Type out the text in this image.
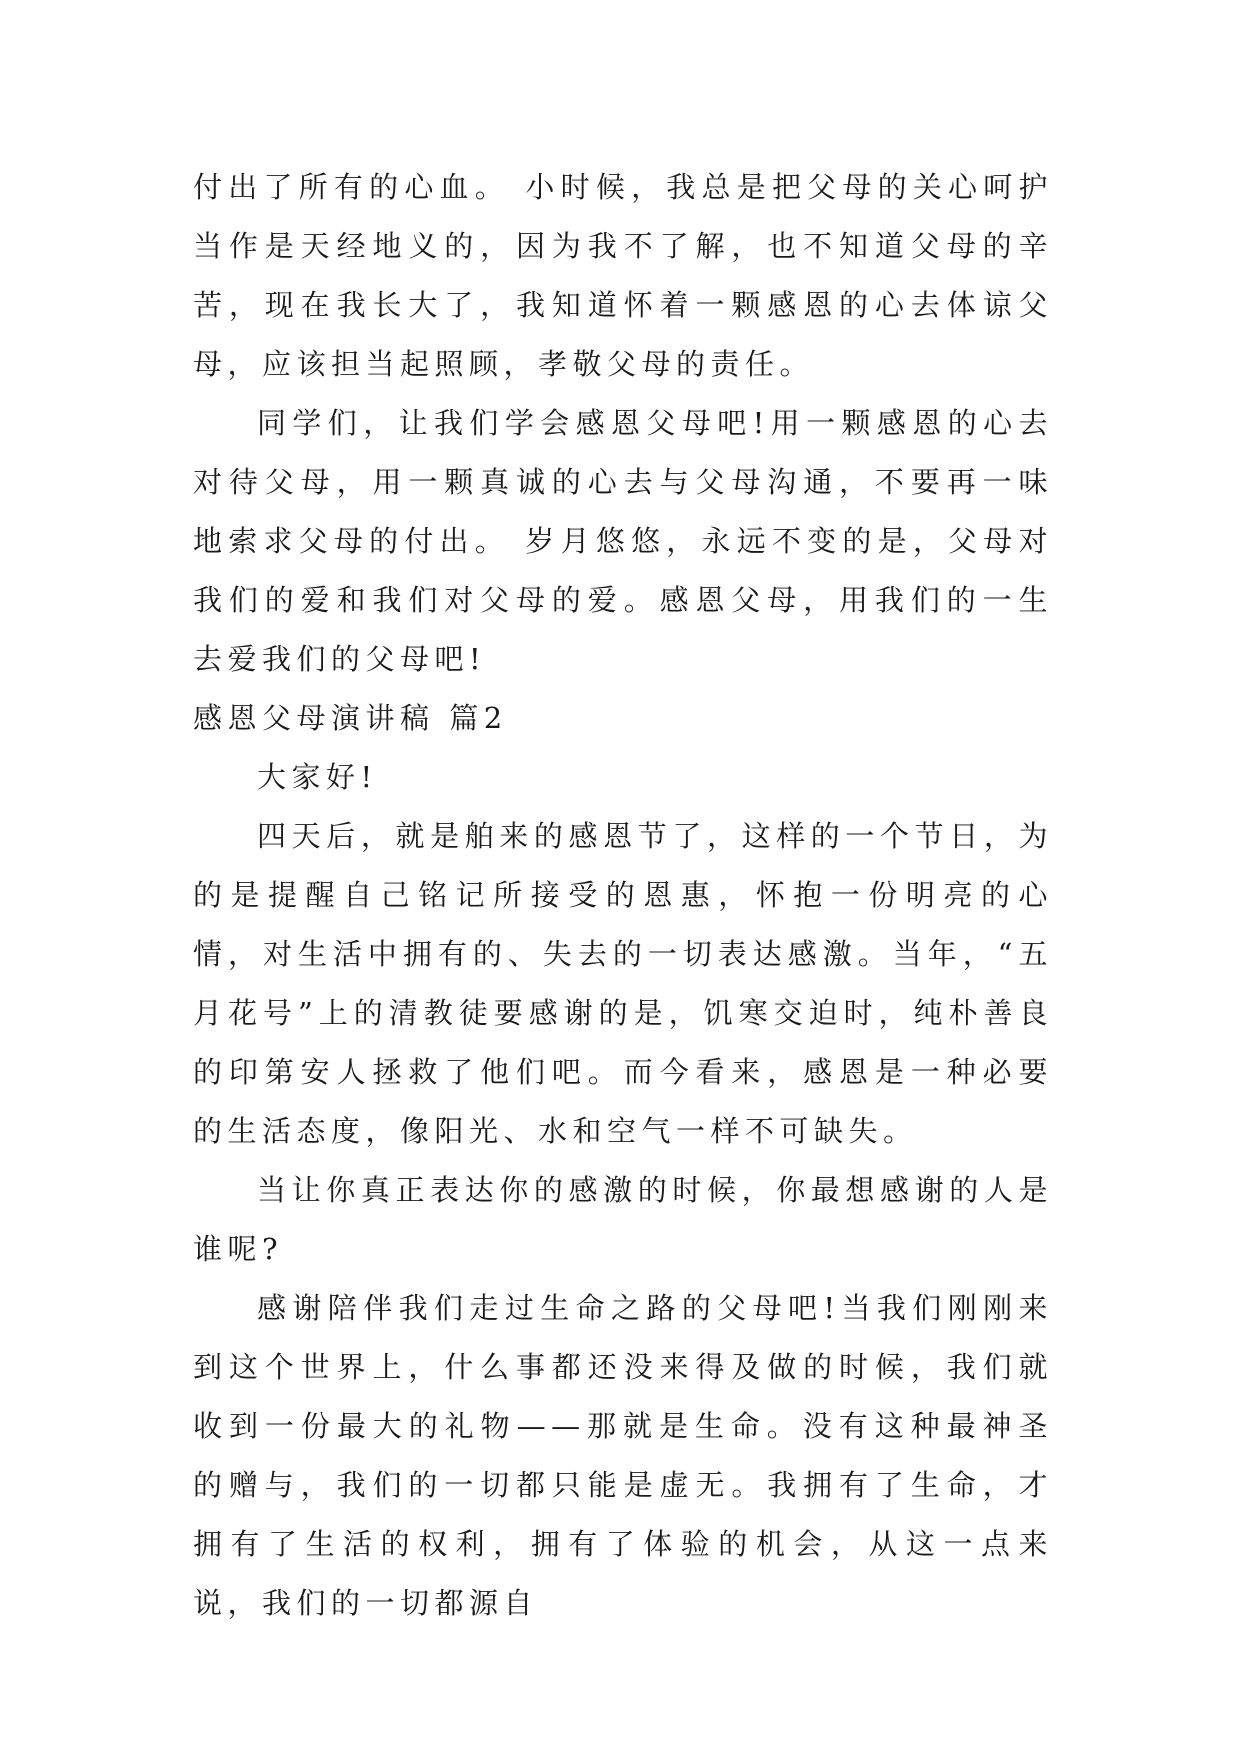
付出了所有的心血。 小时候，我总是把父母的关心呵护当作是天经地义的，因为我不了解，也不知道父母的辛苦，现在我长大了，我知道怀着一颗感恩的心去体谅父母，应该担当起照顾，孝敬父母的责任。

同学们，让我们学会感恩父母吧!用一颗感恩的心去对待父母，用一颗真诚的心去与父母沟通，不要再一味地索求父母的付出。 岁月悠悠，永远不变的是，父母对我们的爱和我们对父母的爱。感恩父母，用我们的一生去爱我们的父母吧!

感恩父母演讲稿 篇2

大家好!

四天后，就是舶来的感恩节了，这样的一个节日，为的是提醒自己铭记所接受的恩惠，怀抱一份明亮的心情，对生活中拥有的、失去的一切表达感激。当年，“五月花号”上的清教徒要感谢的是，饥寒交迫时，纯朴善良的印第安人拯救了他们吧。而今看来，感恩是一种必要的生活态度，像阳光、水和空气一样不可缺失。

当让你真正表达你的感激的时候，你最想感谢的人是谁呢?

感谢陪伴我们走过生命之路的父母吧!当我们刚刚来到这个世界上，什么事都还没来得及做的时候，我们就收到一份最大的礼物——那就是生命。没有这种最神圣的赠与，我们的一切都只能是虚无。我拥有了生命，才拥有了生活的权利，拥有了体验的机会，从这一点来说，我们的一切都源自
